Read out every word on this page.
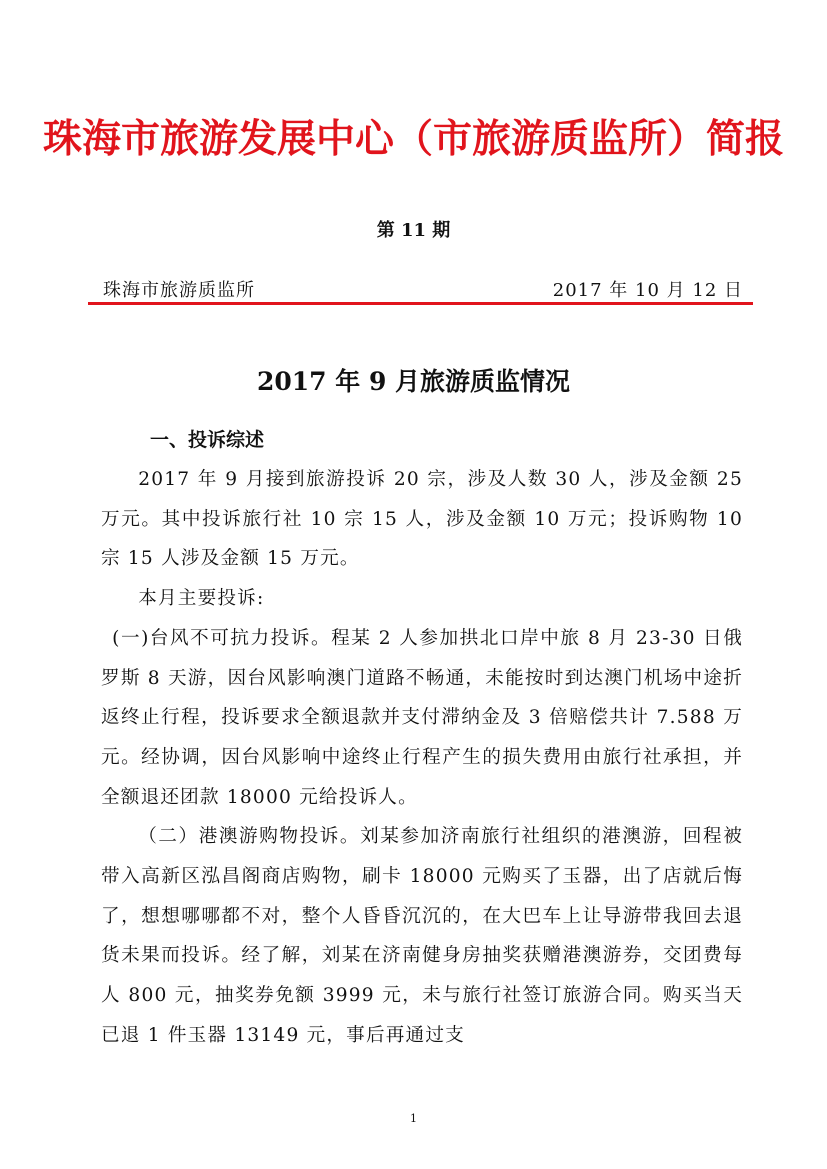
珠海市旅游发展中心（市旅游质监所）简报
第 11 期
珠海市旅游质监所	2017 年 10 月 12 日
2017 年 9 月旅游质监情况
一、投诉综述

2017 年 9 月接到旅游投诉 20 宗，涉及人数 30 人，涉及金额 25 万元。其中投诉旅行社 10 宗 15 人，涉及金额 10 万元；投诉购物 10 宗 15 人涉及金额 15 万元。

本月主要投诉:

(一)台风不可抗力投诉。程某 2 人参加拱北口岸中旅 8 月 23-30 日俄罗斯 8 天游，因台风影响澳门道路不畅通，未能按时到达澳门机场中途折返终止行程，投诉要求全额退款并支付滞纳金及 3 倍赔偿共计 7.588 万元。经协调，因台风影响中途终止行程产生的损失费用由旅行社承担，并全额退还团款 18000 元给投诉人。

（二）港澳游购物投诉。刘某参加济南旅行社组织的港澳游，回程被带入高新区泓昌阁商店购物，刷卡 18000 元购买了玉器，出了店就后悔了，想想哪哪都不对，整个人昏昏沉沉的，在大巴车上让导游带我回去退货未果而投诉。经了解，刘某在济南健身房抽奖获赠港澳游券，交团费每人 800 元，抽奖券免额 3999 元，未与旅行社签订旅游合同。购买当天已退 1 件玉器 13149 元，事后再通过支

1
